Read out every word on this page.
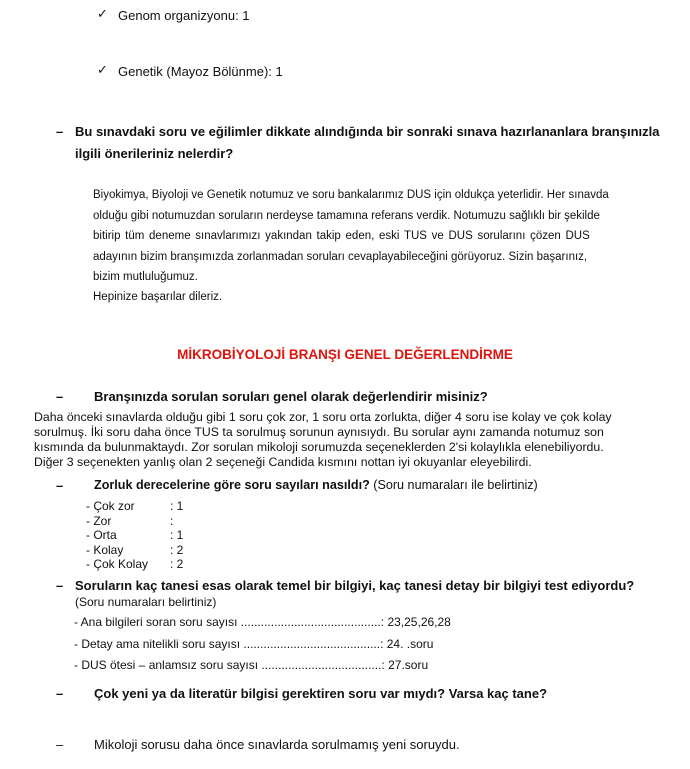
✓ Genom organizyonu: 1
✓ Genetik (Mayoz Bölünme): 1
– Bu sınavdaki soru ve eğilimler dikkate alındığında bir sonraki sınava hazırlananlara branşınızla
ilgili önerileriniz nelerdir?
Biyokimya, Biyoloji ve Genetik notumuz ve soru bankalarımız DUS için oldukça yeterlidir. Her sınavda
olduğu gibi notumuzdan soruların nerdeyse tamamına referans verdik. Notumuzu sağlıklı bir şekilde
bitirip tüm deneme sınavlarımızı yakından takip eden, eski TUS ve DUS sorularını çözen DUS
adayının bizim branşımızda zorlanmadan soruları cevaplayabileceğini görüyoruz. Sizin başarınız,
bizim mutluluğumuz.
Hepinize başarılar dileriz.
MİKROBİYOLOJİ BRANŞI GENEL DEĞERLENDİRME
– Branşınızda sorulan soruları genel olarak değerlendirir misiniz?
Daha önceki sınavlarda olduğu gibi 1 soru çok zor, 1 soru orta zorlukta, diğer 4 soru ise kolay ve çok kolay
sorulmuş. İki soru daha önce TUS ta sorulmuş sorunun aynısıydı. Bu sorular aynı zamanda notumuz son
kısmında da bulunmaktaydı. Zor sorulan mikoloji sorumuzda seçeneklerden 2'si kolaylıkla elenebiliyordu.
Diğer 3 seçenekten yanlış olan 2 seçeneği Candida kısmını nottan iyi okuyanlar eleyebilirdi.
– Zorluk derecelerine göre soru sayıları nasıldı? (Soru numaraları ile belirtiniz)
- Çok zor	: 1
- Zor	:
- Orta	: 1
- Kolay	: 2
- Çok Kolay : 2
– Soruların kaç tanesi esas olarak temel bir bilgiyi, kaç tanesi detay bir bilgiyi test ediyordu?
(Soru numaraları belirtiniz)
- Ana bilgileri soran soru sayısı ..........................................: 23,25,26,28
- Detay ama nitelikli soru sayısı .........................................: 24. .soru
- DUS ötesi – anlamsız soru sayısı ....................................: 27.soru
– Çok yeni ya da literatür bilgisi gerektiren soru var mıydı? Varsa kaç tane?
– Mikoloji sorusu daha önce sınavlarda sorulmamış yeni soruydu.
